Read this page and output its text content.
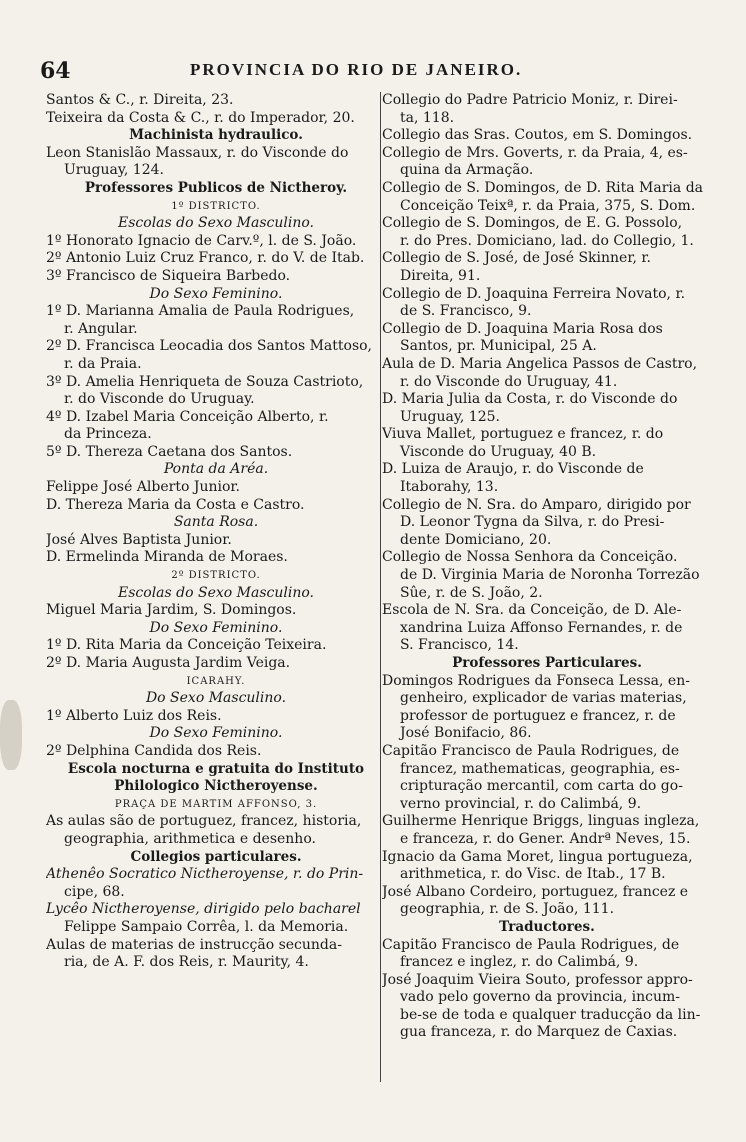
64	PROVINCIA DO RIO DE JANEIRO.
Santos & C., r. Direita, 23.
Teixeira da Costa & C., r. do Imperador, 20.
Machinista hydraulico.
Leon Stanislão Massaux, r. do Visconde do
Uruguay, 124.
Professores Publicos de Nictheroy.
1º DISTRICTO.
Escolas do Sexo Masculino.
1º Honorato Ignacio de Carv.º, l. de S. João.
2º Antonio Luiz Cruz Franco, r. do V. de Itab.
3º Francisco de Siqueira Barbedo.
Do Sexo Feminino.
1º D. Marianna Amalia de Paula Rodrigues,
r. Angular.
2º D. Francisca Leocadia dos Santos Mattoso,
r. da Praia.
3º D. Amelia Henriqueta de Souza Castrioto,
r. do Visconde do Uruguay.
4º D. Izabel Maria Conceição Alberto, r.
da Princeza.
5º D. Thereza Caetana dos Santos.
Ponta da Aréa.
Felippe José Alberto Junior.
D. Thereza Maria da Costa e Castro.
Santa Rosa.
José Alves Baptista Junior.
D. Ermelinda Miranda de Moraes.
2º DISTRICTO.
Escolas do Sexo Masculino.
Miguel Maria Jardim, S. Domingos.
Do Sexo Feminino.
1º D. Rita Maria da Conceição Teixeira.
2º D. Maria Augusta Jardim Veiga.
ICARAHY.
Do Sexo Masculino.
1º Alberto Luiz dos Reis.
Do Sexo Feminino.
2º Delphina Candida dos Reis.
Escola nocturna e gratuita do Instituto
Philologico Nictheroyense.
PRAÇA DE MARTIM AFFONSO, 3.
As aulas são de portuguez, francez, historia,
geographia, arithmetica e desenho.
Collegios particulares.
Athenêo Socratico Nictheroyense, r. do Prin-
cipe, 68.
Lycêo Nictheroyense, dirigido pelo bacharel
Felippe Sampaio Corrêa, l. da Memoria.
Aulas de materias de instrucção secunda-
ria, de A. F. dos Reis, r. Maurity, 4.
Collegio do Padre Patricio Moniz, r. Direi-
ta, 118.
Collegio das Sras. Coutos, em S. Domingos.
Collegio de Mrs. Goverts, r. da Praia, 4, es-
quina da Armação.
Collegio de S. Domingos, de D. Rita Maria da
Conceição Teixª, r. da Praia, 375, S. Dom.
Collegio de S. Domingos, de E. G. Possolo,
r. do Pres. Domiciano, lad. do Collegio, 1.
Collegio de S. José, de José Skinner, r.
Direita, 91.
Collegio de D. Joaquina Ferreira Novato, r.
de S. Francisco, 9.
Collegio de D. Joaquina Maria Rosa dos
Santos, pr. Municipal, 25 A.
Aula de D. Maria Angelica Passos de Castro,
r. do Visconde do Uruguay, 41.
D. Maria Julia da Costa, r. do Visconde do
Uruguay, 125.
Viuva Mallet, portuguez e francez, r. do
Visconde do Uruguay, 40 B.
D. Luiza de Araujo, r. do Visconde de
Itaborahy, 13.
Collegio de N. Sra. do Amparo, dirigido por
D. Leonor Tygna da Silva, r. do Presi-
dente Domiciano, 20.
Collegio de Nossa Senhora da Conceição.
de D. Virginia Maria de Noronha Torrezão
Sûe, r. de S. João, 2.
Escola de N. Sra. da Conceição, de D. Ale-
xandrina Luiza Affonso Fernandes, r. de
S. Francisco, 14.
Professores Particulares.
Domingos Rodrigues da Fonseca Lessa, en-
genheiro, explicador de varias materias,
professor de portuguez e francez, r. de
José Bonifacio, 86.
Capitão Francisco de Paula Rodrigues, de
francez, mathematicas, geographia, es-
cripturação mercantil, com carta do go-
verno provincial, r. do Calimbá, 9.
Guilherme Henrique Briggs, linguas ingleza,
e franceza, r. do Gener. Andrª Neves, 15.
Ignacio da Gama Moret, lingua portugueza,
arithmetica, r. do Visc. de Itab., 17 B.
José Albano Cordeiro, portuguez, francez e
geographia, r. de S. João, 111.
Traductores.
Capitão Francisco de Paula Rodrigues, de
francez e inglez, r. do Calimbá, 9.
José Joaquim Vieira Souto, professor appro-
vado pelo governo da provincia, incum-
be-se de toda e qualquer traducção da lin-
gua franceza, r. do Marquez de Caxias.
